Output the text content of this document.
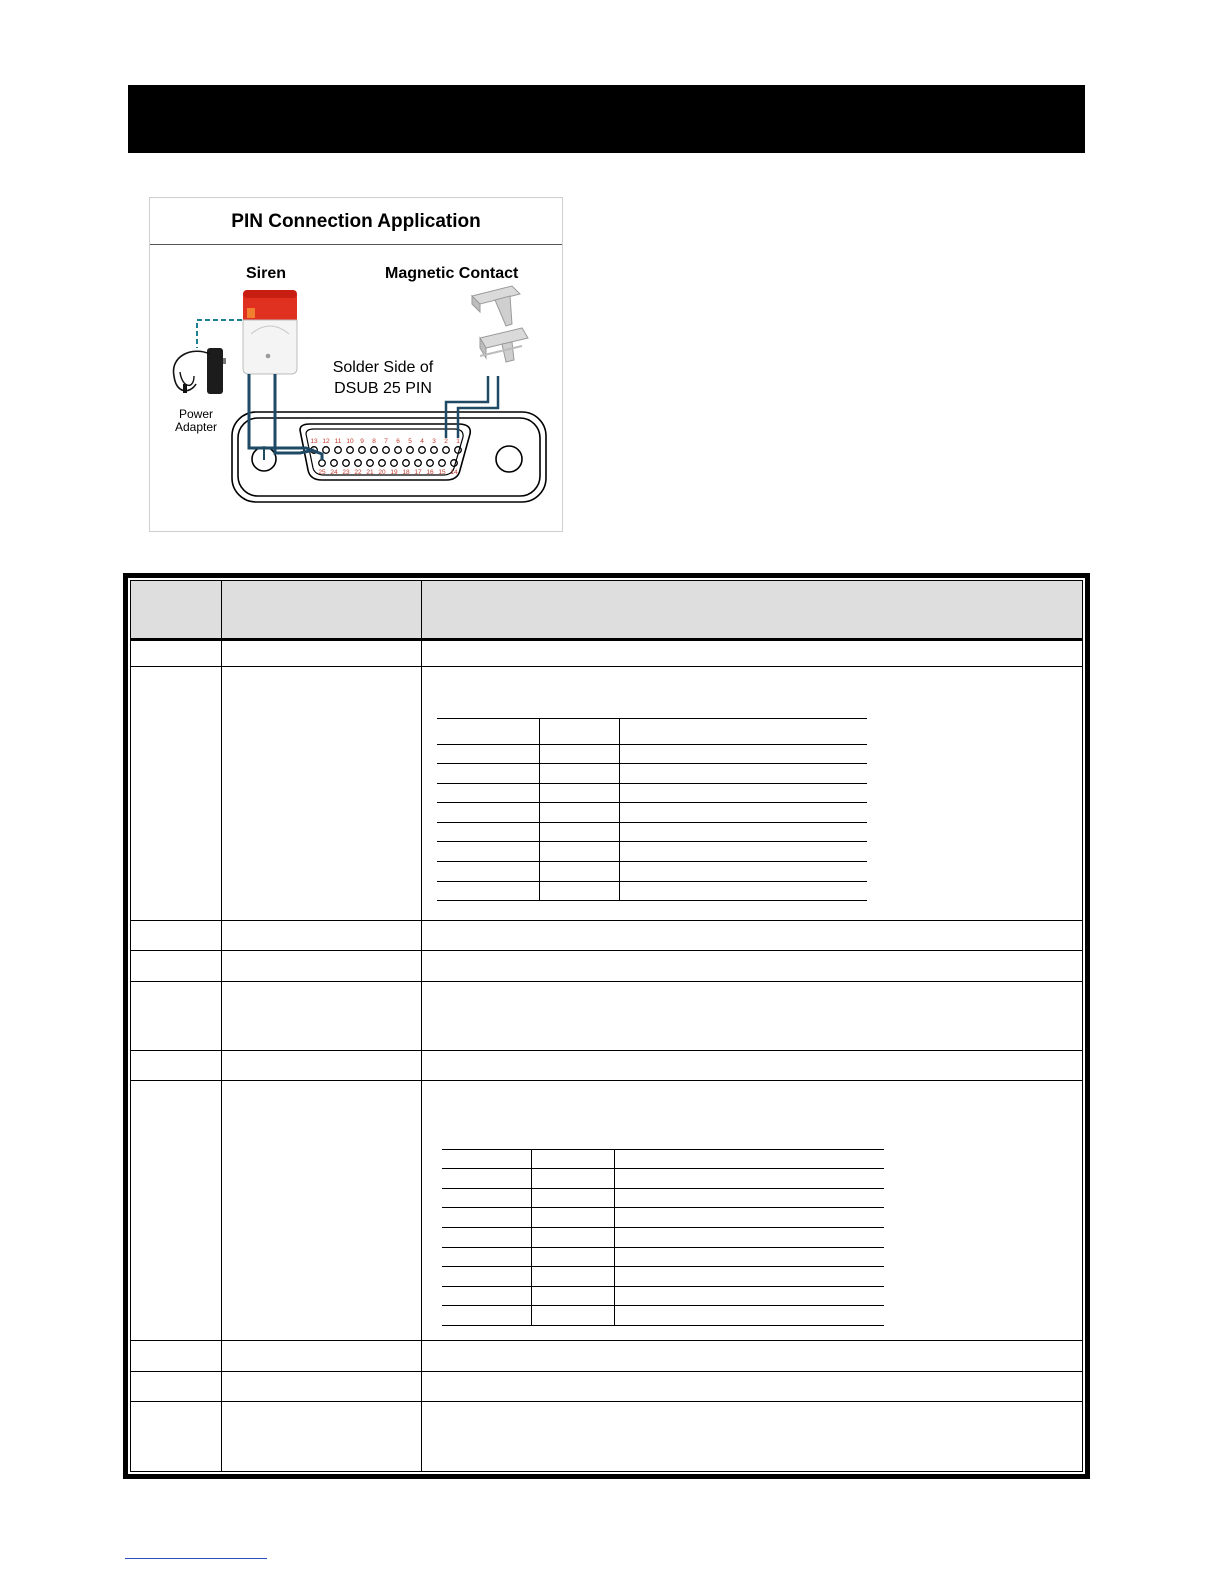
PIN Connection Application
13 12 11 10 9 8 7 6 5 4 3 2 1
25 24 23 22 21 20 19 18 17 16 15 14
Siren	Magnetic Contact
Solder Side of
DSUB 25 PIN
Power
Adapter
